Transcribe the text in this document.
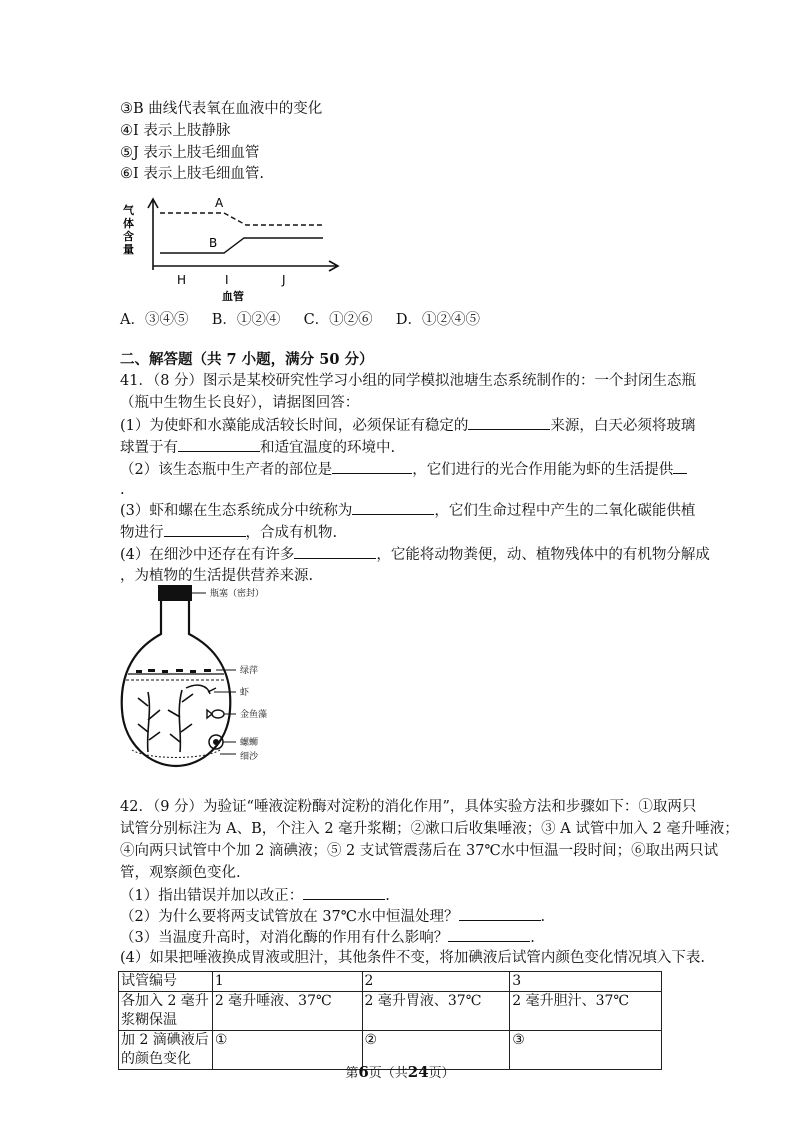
③B 曲线代表氧在血液中的变化
④I 表示上肢静脉
⑤J 表示上肢毛细血管
⑥I 表示上肢毛细血管.
气
体
含
量
A
B
H	I	J
血管
A．③④⑤ B．①②④ C．①②⑥ D．①②④⑤
二、解答题（共 7 小题，满分 50 分）
41．（8 分）图示是某校研究性学习小组的同学模拟池塘生态系统制作的：一个封闭生态瓶
（瓶中生物生长良好），请据图回答：
(1）为使虾和水藻能成活较长时间，必须保证有稳定的	来源，白天必须将玻璃
球置于有	和适宜温度的环境中.
（2）该生态瓶中生产者的部位是	，它们进行的光合作用能为虾的生活提供
.
(3）虾和螺在生态系统成分中统称为	，它们生命过程中产生的二氧化碳能供植
物进行	，合成有机物.
(4）在细沙中还存在有许多	，它能将动物粪便，动、植物残体中的有机物分解成
，为植物的生活提供营养来源.
瓶塞（密封）
绿萍
虾
金鱼藻
螺蛳
细沙
42．（9 分）为验证“唾液淀粉酶对淀粉的消化作用”，具体实验方法和步骤如下：①取两只
试管分别标注为 A、B，个注入 2 毫升浆糊；②漱口后收集唾液；③ A 试管中加入 2 毫升唾液；
④向两只试管中个加 2 滴碘液；⑤ 2 支试管震荡后在 37℃水中恒温一段时间；⑥取出两只试
管，观察颜色变化.
（1）指出错误并加以改正：	.
（2）为什么要将两支试管放在 37℃水中恒温处理？	.
（3）当温度升高时，对消化酶的作用有什么影响？	.
(4）如果把唾液换成胃液或胆汁，其他条件不变，将加碘液后试管内颜色变化情况填入下表.
试管编号	1	2	3
各加入 2 毫升浆糊保温	2 毫升唾液、37℃	2 毫升胃液、37℃	2 毫升胆汁、37℃
加 2 滴碘液后的颜色变化	①	②	③
第6页（共24页）
